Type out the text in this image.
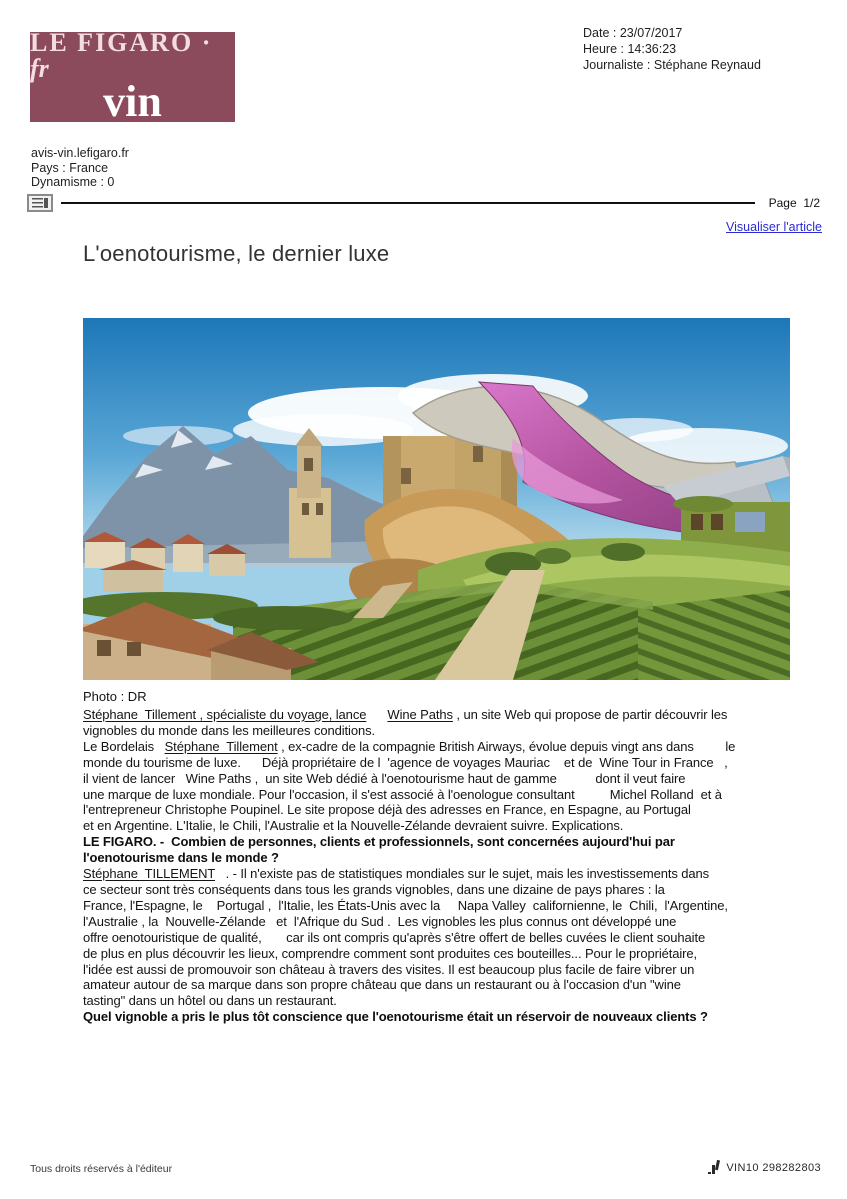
LE FIGARO · fr
vin
avis-vin.lefigaro.fr
Pays : France
Dynamisme : 0
Date : 23/07/2017
Heure : 14:36:23
Journaliste : Stéphane Reynaud
Page  1/2
Visualiser l'article
L'oenotourisme, le dernier luxe
Photo : DR
Stéphane  Tillement , spécialiste du voyage, lance Wine Paths , un site Web qui propose de partir découvrir les
vignobles du monde dans les meilleures conditions.
Le Bordelais   Stéphane  Tillement , ex-cadre de la compagnie British Airways, évolue depuis vingt ans dans         le
monde du tourisme de luxe.      Déjà propriétaire de l  'agence de voyages Mauriac    et de  Wine Tour in France   ,
il vient de lancer   Wine Paths ,  un site Web dédié à l'oenotourisme haut de gamme           dont il veut faire
une marque de luxe mondiale. Pour l'occasion, il s'est associé à l'oenologue consultant          Michel Rolland  et à
l'entrepreneur Christophe Poupinel. Le site propose déjà des adresses en France, en Espagne, au Portugal
et en Argentine. L'Italie, le Chili, l'Australie et la Nouvelle-Zélande devraient suivre. Explications.
LE FIGARO. -  Combien de personnes, clients et professionnels, sont concernées aujourd'hui par
l'oenotourisme dans le monde ?
Stéphane  TILLEMENT   . - Il n'existe pas de statistiques mondiales sur le sujet, mais les investissements dans
ce secteur sont très conséquents dans tous les grands vignobles, dans une dizaine de pays phares : la
France, l'Espagne, le    Portugal ,  l'Italie, les États-Unis avec la     Napa Valley  californienne, le  Chili,  l'Argentine,
l'Australie , la  Nouvelle-Zélande   et  l'Afrique du Sud .  Les vignobles les plus connus ont développé une
offre oenotouristique de qualité,       car ils ont compris qu'après s'être offert de belles cuvées le client souhaite
de plus en plus découvrir les lieux, comprendre comment sont produites ces bouteilles... Pour le propriétaire,
l'idée est aussi de promouvoir son château à travers des visites. Il est beaucoup plus facile de faire vibrer un
amateur autour de sa marque dans son propre château que dans un restaurant ou à l'occasion d'un "wine
tasting" dans un hôtel ou dans un restaurant.
Quel vignoble a pris le plus tôt conscience que l'oenotourisme était un réservoir de nouveaux clients ?
Tous droits réservés à l'éditeur	VIN10 298282803
